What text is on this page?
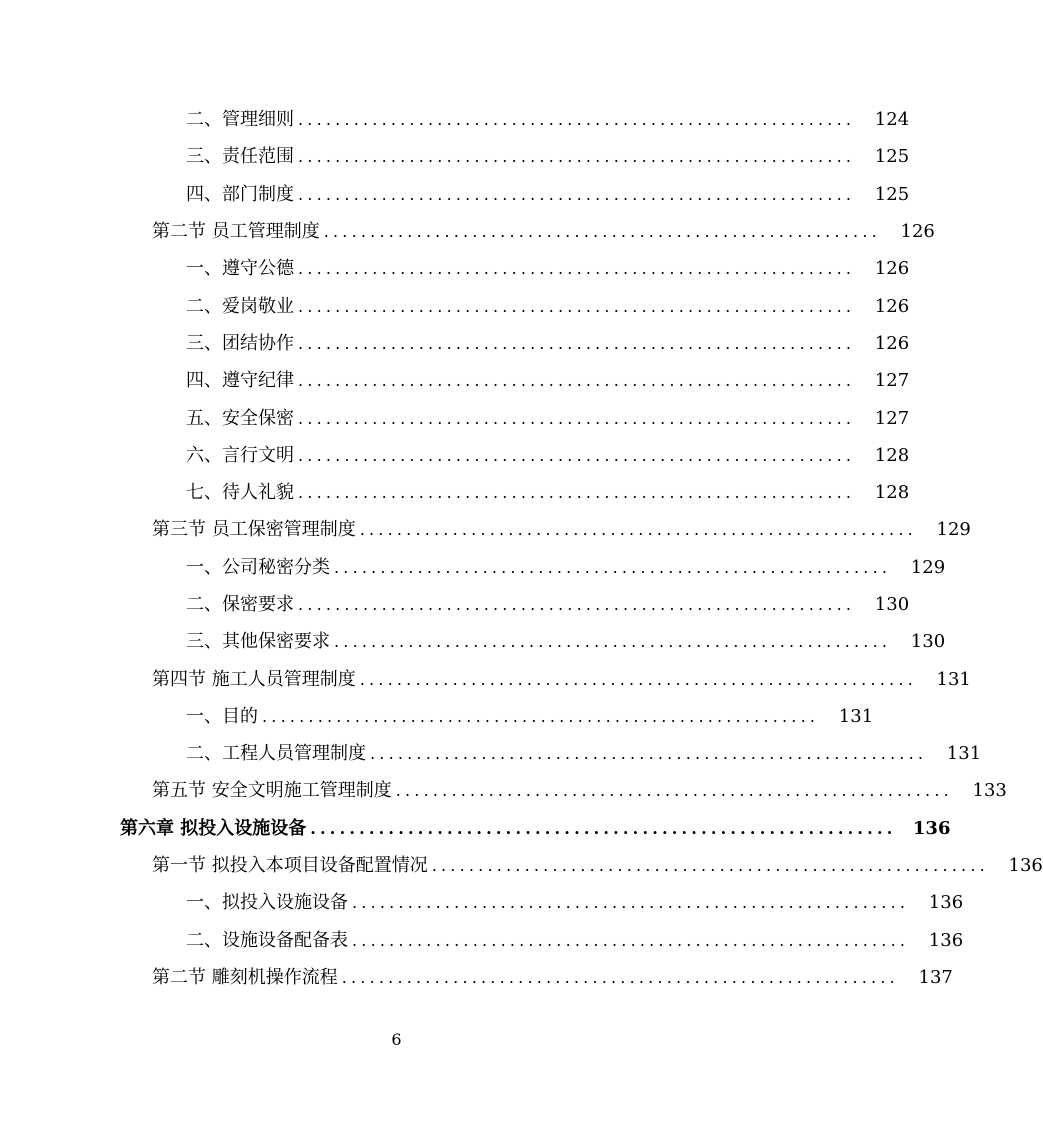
二、管理细则 ............................................................	124
三、责任范围 ............................................................	125
四、部门制度 ............................................................	125
第二节 员工管理制度 ............................................................	126
一、遵守公德 ............................................................	126
二、爱岗敬业 ............................................................	126
三、团结协作 ............................................................	126
四、遵守纪律 ............................................................	127
五、安全保密 ............................................................	127
六、言行文明 ............................................................	128
七、待人礼貌 ............................................................	128
第三节 员工保密管理制度 ............................................................	129
一、公司秘密分类 ............................................................	129
二、保密要求 ............................................................	130
三、其他保密要求 ............................................................	130
第四节 施工人员管理制度 ............................................................	131
一、目的 ............................................................	131
二、工程人员管理制度 ............................................................	131
第五节 安全文明施工管理制度 ............................................................	133
第六章 拟投入设施设备 ............................................................ 136
第一节 拟投入本项目设备配置情况 ............................................................	136
一、拟投入设施设备 ............................................................	136
二、设施设备配备表 ............................................................	136
第二节 雕刻机操作流程 ............................................................	137
6
